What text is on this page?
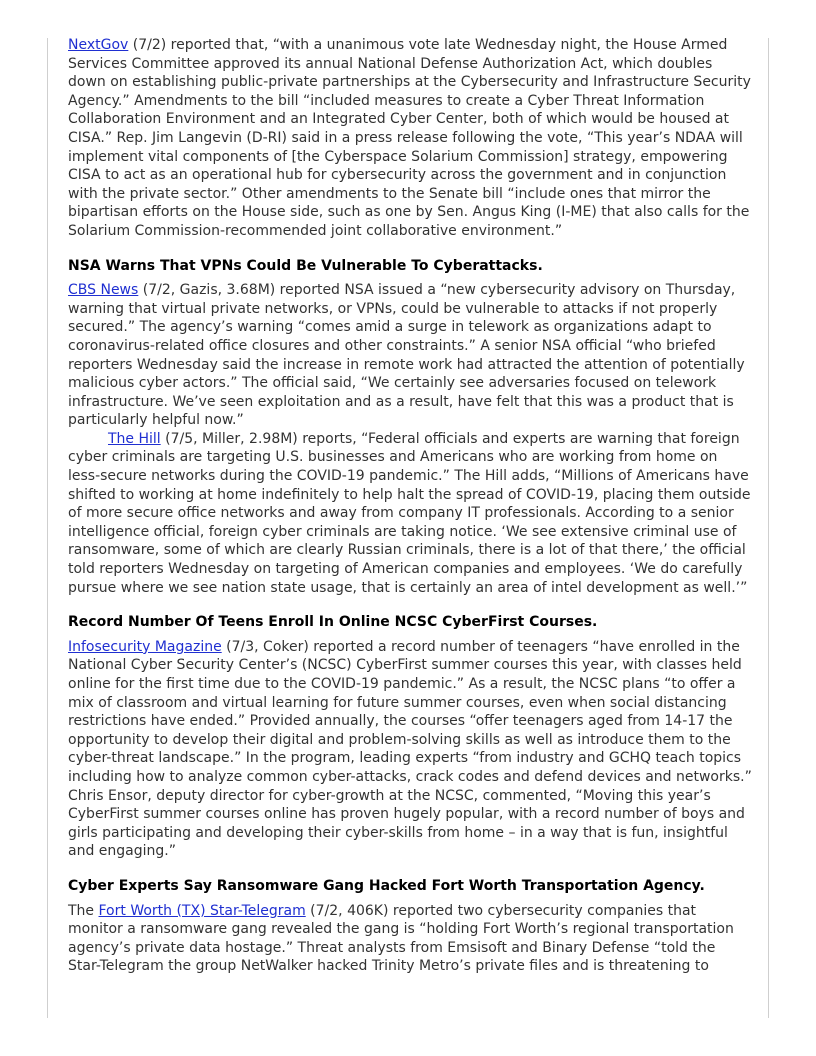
NextGov (7/2) reported that, “with a unanimous vote late Wednesday night, the House Armed Services Committee approved its annual National Defense Authorization Act, which doubles down on establishing public-private partnerships at the Cybersecurity and Infrastructure Security Agency.” Amendments to the bill “included measures to create a Cyber Threat Information Collaboration Environment and an Integrated Cyber Center, both of which would be housed at CISA.” Rep. Jim Langevin (D-RI) said in a press release following the vote, “This year’s NDAA will implement vital components of [the Cyberspace Solarium Commission] strategy, empowering CISA to act as an operational hub for cybersecurity across the government and in conjunction with the private sector.” Other amendments to the Senate bill “include ones that mirror the bipartisan efforts on the House side, such as one by Sen. Angus King (I-ME) that also calls for the Solarium Commission-recommended joint collaborative environment.”

NSA Warns That VPNs Could Be Vulnerable To Cyberattacks.

CBS News (7/2, Gazis, 3.68M) reported NSA issued a “new cybersecurity advisory on Thursday, warning that virtual private networks, or VPNs, could be vulnerable to attacks if not properly secured.” The agency’s warning “comes amid a surge in telework as organizations adapt to coronavirus-related office closures and other constraints.” A senior NSA official “who briefed reporters Wednesday said the increase in remote work had attracted the attention of potentially malicious cyber actors.” The official said, “We certainly see adversaries focused on telework infrastructure. We’ve seen exploitation and as a result, have felt that this was a product that is particularly helpful now.”

The Hill (7/5, Miller, 2.98M) reports, “Federal officials and experts are warning that foreign cyber criminals are targeting U.S. businesses and Americans who are working from home on less-secure networks during the COVID-19 pandemic.” The Hill adds, “Millions of Americans have shifted to working at home indefinitely to help halt the spread of COVID-19, placing them outside of more secure office networks and away from company IT professionals. According to a senior intelligence official, foreign cyber criminals are taking notice. ‘We see extensive criminal use of ransomware, some of which are clearly Russian criminals, there is a lot of that there,’ the official told reporters Wednesday on targeting of American companies and employees. ‘We do carefully pursue where we see nation state usage, that is certainly an area of intel development as well.’”

Record Number Of Teens Enroll In Online NCSC CyberFirst Courses.

Infosecurity Magazine (7/3, Coker) reported a record number of teenagers “have enrolled in the National Cyber Security Center’s (NCSC) CyberFirst summer courses this year, with classes held online for the first time due to the COVID-19 pandemic.” As a result, the NCSC plans “to offer a mix of classroom and virtual learning for future summer courses, even when social distancing restrictions have ended.” Provided annually, the courses “offer teenagers aged from 14-17 the opportunity to develop their digital and problem-solving skills as well as introduce them to the cyber-threat landscape.” In the program, leading experts “from industry and GCHQ teach topics including how to analyze common cyber-attacks, crack codes and defend devices and networks.” Chris Ensor, deputy director for cyber-growth at the NCSC, commented, “Moving this year’s CyberFirst summer courses online has proven hugely popular, with a record number of boys and girls participating and developing their cyber-skills from home – in a way that is fun, insightful and engaging.”

Cyber Experts Say Ransomware Gang Hacked Fort Worth Transportation Agency.

The Fort Worth (TX) Star-Telegram (7/2, 406K) reported two cybersecurity companies that monitor a ransomware gang revealed the gang is “holding Fort Worth’s regional transportation agency’s private data hostage.” Threat analysts from Emsisoft and Binary Defense “told the Star-Telegram the group NetWalker hacked Trinity Metro’s private files and is threatening to
